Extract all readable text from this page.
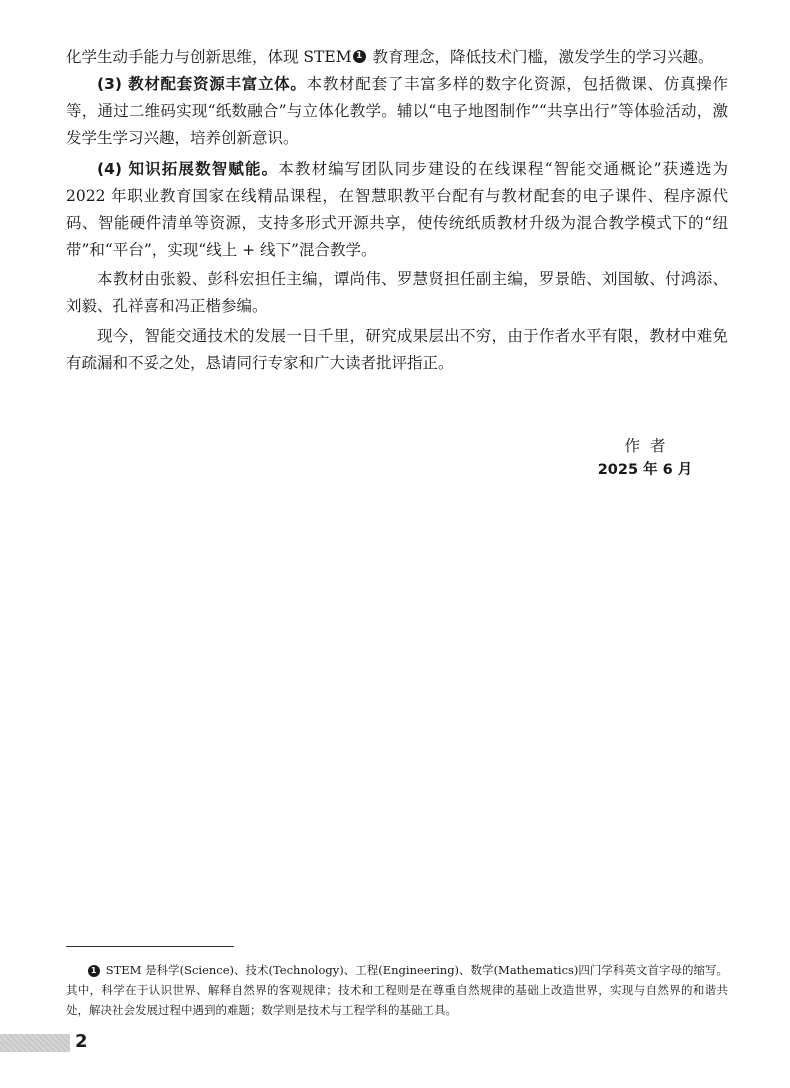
化学生动手能力与创新思维，体现 STEM 1 教育理念，降低技术门槛，激发学生的学习兴趣。

(3) 教材配套资源丰富立体。本教材配套了丰富多样的数字化资源，包括微课、仿真操作等，通过二维码实现“纸数融合”与立体化教学。辅以“电子地图制作”“共享出行”等体验活动，激发学生学习兴趣，培养创新意识。

(4) 知识拓展数智赋能。本教材编写团队同步建设的在线课程“智能交通概论”获遴选为 2022 年职业教育国家在线精品课程，在智慧职教平台配有与教材配套的电子课件、程序源代码、智能硬件清单等资源，支持多形式开源共享，使传统纸质教材升级为混合教学模式下的“纽带”和“平台”，实现“线上 + 线下”混合教学。

本教材由张毅、彭科宏担任主编，谭尚伟、罗慧贤担任副主编，罗景皓、刘国敏、付鸿添、刘毅、孔祥喜和冯正楷参编。

现今，智能交通技术的发展一日千里，研究成果层出不穷，由于作者水平有限，教材中难免有疏漏和不妥之处，恳请同行专家和广大读者批评指正。

作者
2025 年 6 月

1 STEM 是科学(Science)、技术(Technology)、工程(Engineering)、数学(Mathematics)四门学科英文首字母的缩写。其中，科学在于认识世界、解释自然界的客观规律；技术和工程则是在尊重自然规律的基础上改造世界，实现与自然界的和谐共处，解决社会发展过程中遇到的难题；数学则是技术与工程学科的基础工具。

2
